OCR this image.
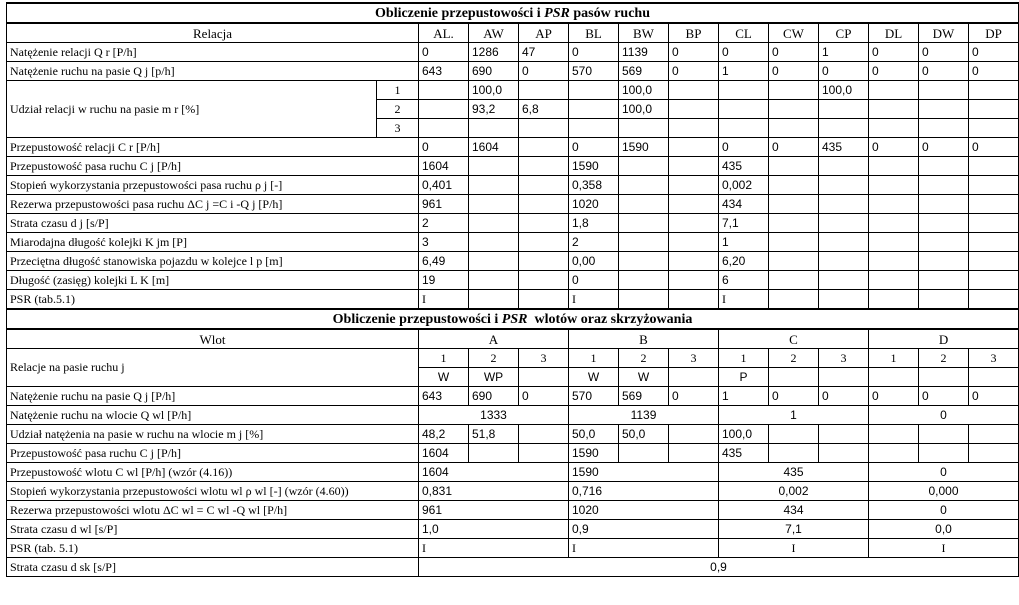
Obliczenie przepustowości i PSR pasów ruchu													
Relacja		AL.	AW	AP	BL	BW	BP	CL	CW	CP	DL	DW	DP
Natężenie relacji Q r [P/h]		0	1286	47	0	1139	0	0	0	1	0	0	0
Natężenie ruchu na pasie Q j [p/h]		643	690	0	570	569	0	1	0	0	0	0	0
Udział relacji w ruchu na pasie m r [%]	1		100,0			100,0				100,0			
	2		93,2	6,8		100,0							
	3												
Przepustowość relacji C r [P/h]		0	1604		0	1590		0	0	435	0	0	0
Przepustowość pasa ruchu C j [P/h]		1604			1590			435					
Stopień wykorzystania przepustowości pasa ruchu ρ j [-]		0,401			0,358			0,002					
Rezerwa przepustowości pasa ruchu ΔC j =C i -Q j [P/h]		961			1020			434					
Strata czasu d j [s/P]		2			1,8			7,1					
Miarodajna długość kolejki K jm [P]		3			2			1					
Przeciętna długość stanowiska pojazdu w kolejce l p [m]		6,49			0,00			6,20					
Długość (zasięg) kolejki L K [m]		19			0			6					
PSR (tab.5.1)		I			I			I					
Obliczenie przepustowości i PSR  wlotów oraz skrzyżowania													
Wlot		A			B			C			D		
Relacje na pasie ruchu j		1	2	3	1	2	3	1	2	3	1	2	3
		W	WP		W	W		P					
Natężenie ruchu na pasie Q j [P/h]		643	690	0	570	569	0	1	0	0	0	0	0
Natężenie ruchu na wlocie Q wl [P/h]		1333			1139			1			0		
Udział natężenia na pasie w ruchu na wlocie m j [%]		48,2	51,8		50,0	50,0		100,0					
Przepustowość pasa ruchu C j [P/h]		1604			1590			435					
Przepustowość wlotu C wl [P/h] (wzór (4.16))		1604			1590			435			0		
Stopień wykorzystania przepustowości wlotu wl ρ wl [-] (wzór (4.60))		0,831			0,716			0,002			0,000		
Rezerwa przepustowości wlotu ΔC wl = C wl -Q wl [P/h]		961			1020			434			0		
Strata czasu d wl [s/P]		1,0			0,9			7,1			0,0		
PSR (tab. 5.1)		I			I			I			I		
Strata czasu d sk [s/P]		0,9											
